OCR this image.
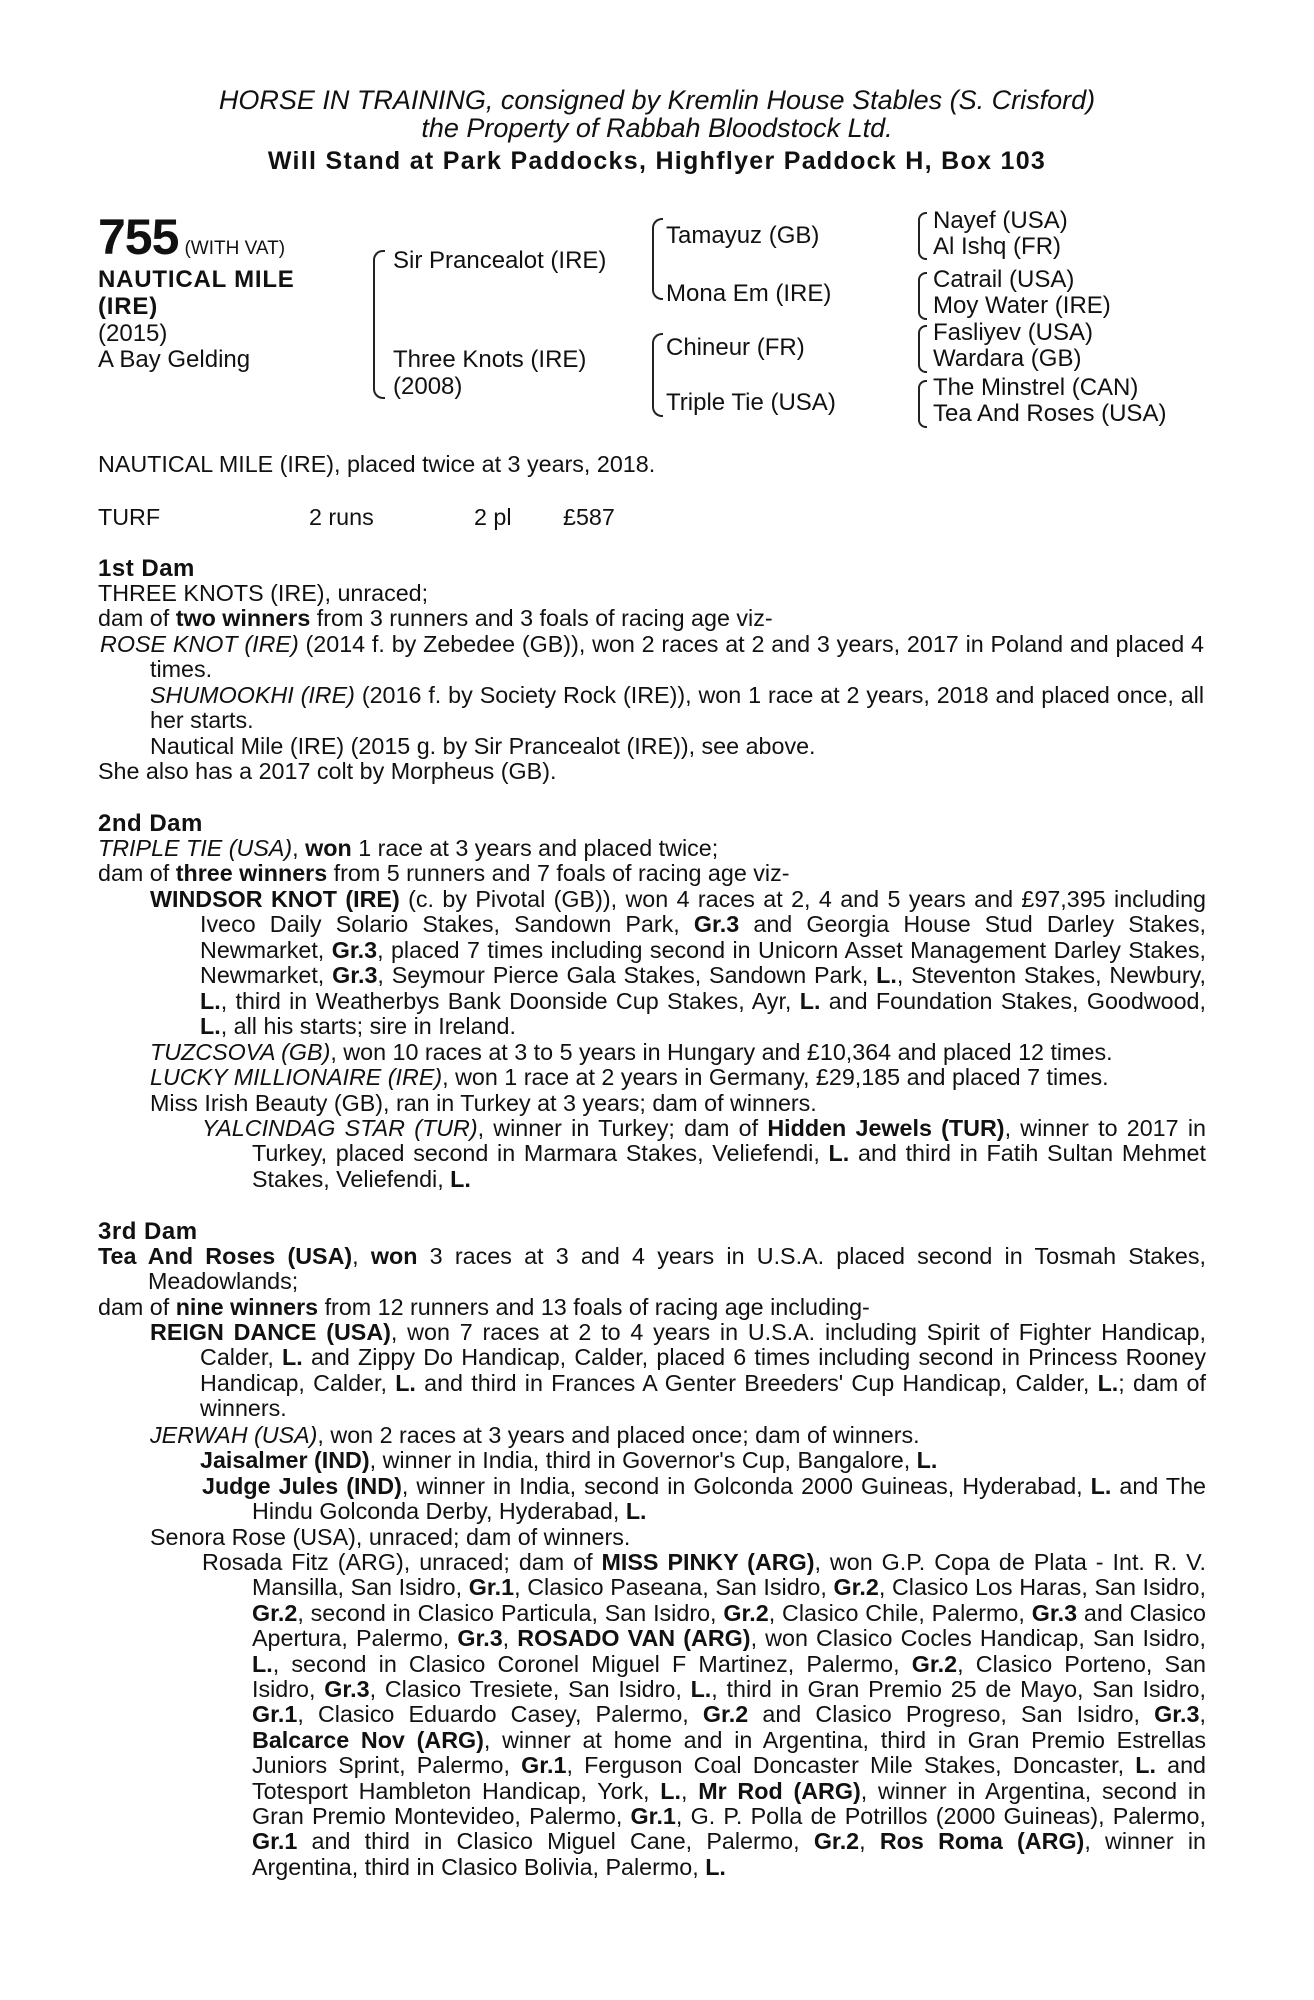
HORSE IN TRAINING, consigned by Kremlin House Stables (S. Crisford)
the Property of Rabbah Bloodstock Ltd.
Will Stand at Park Paddocks, Highflyer Paddock H, Box 103
755 (WITH VAT)
NAUTICAL MILE
(IRE)
(2015)
A Bay Gelding
Sir Prancealot (IRE)
Three Knots (IRE)
(2008)
Tamayuz (GB)
Mona Em (IRE)
Chineur (FR)
Triple Tie (USA)
Nayef (USA)
Al Ishq (FR)
Catrail (USA)
Moy Water (IRE)
Fasliyev (USA)
Wardara (GB)
The Minstrel (CAN)
Tea And Roses (USA)
NAUTICAL MILE (IRE), placed twice at 3 years, 2018.
TURF	2 runs	2 pl £587
1st Dam
THREE KNOTS (IRE), unraced;
dam of two winners from 3 runners and 3 foals of racing age viz-
ROSE KNOT (IRE) (2014 f. by Zebedee (GB)), won 2 races at 2 and 3 years, 2017 in Poland and placed 4 times.
SHUMOOKHI (IRE) (2016 f. by Society Rock (IRE)), won 1 race at 2 years, 2018 and placed once, all her starts.
Nautical Mile (IRE) (2015 g. by Sir Prancealot (IRE)), see above.
She also has a 2017 colt by Morpheus (GB).
2nd Dam
TRIPLE TIE (USA), won 1 race at 3 years and placed twice;
dam of three winners from 5 runners and 7 foals of racing age viz-
WINDSOR KNOT (IRE) (c. by Pivotal (GB)), won 4 races at 2, 4 and 5 years and £97,395 including Iveco Daily Solario Stakes, Sandown Park, Gr.3 and Georgia House Stud Darley Stakes, Newmarket, Gr.3, placed 7 times including second in Unicorn Asset Management Darley Stakes, Newmarket, Gr.3, Seymour Pierce Gala Stakes, Sandown Park, L., Steventon Stakes, Newbury, L., third in Weatherbys Bank Doonside Cup Stakes, Ayr, L. and Foundation Stakes, Goodwood, L., all his starts; sire in Ireland.
TUZCSOVA (GB), won 10 races at 3 to 5 years in Hungary and £10,364 and placed 12 times.
LUCKY MILLIONAIRE (IRE), won 1 race at 2 years in Germany, £29,185 and placed 7 times.
Miss Irish Beauty (GB), ran in Turkey at 3 years; dam of winners.
YALCINDAG STAR (TUR), winner in Turkey; dam of Hidden Jewels (TUR), winner to 2017 in Turkey, placed second in Marmara Stakes, Veliefendi, L. and third in Fatih Sultan Mehmet Stakes, Veliefendi, L.
3rd Dam
Tea And Roses (USA), won 3 races at 3 and 4 years in U.S.A. placed second in Tosmah Stakes, Meadowlands;
dam of nine winners from 12 runners and 13 foals of racing age including-
REIGN DANCE (USA), won 7 races at 2 to 4 years in U.S.A. including Spirit of Fighter Handicap, Calder, L. and Zippy Do Handicap, Calder, placed 6 times including second in Princess Rooney Handicap, Calder, L. and third in Frances A Genter Breeders' Cup Handicap, Calder, L.; dam of winners.
JERWAH (USA), won 2 races at 3 years and placed once; dam of winners.
Jaisalmer (IND), winner in India, third in Governor's Cup, Bangalore, L.
Judge Jules (IND), winner in India, second in Golconda 2000 Guineas, Hyderabad, L. and The Hindu Golconda Derby, Hyderabad, L.
Senora Rose (USA), unraced; dam of winners.
Rosada Fitz (ARG), unraced; dam of MISS PINKY (ARG), won G.P. Copa de Plata - Int. R. V. Mansilla, San Isidro, Gr.1, Clasico Paseana, San Isidro, Gr.2, Clasico Los Haras, San Isidro, Gr.2, second in Clasico Particula, San Isidro, Gr.2, Clasico Chile, Palermo, Gr.3 and Clasico Apertura, Palermo, Gr.3, ROSADO VAN (ARG), won Clasico Cocles Handicap, San Isidro, L., second in Clasico Coronel Miguel F Martinez, Palermo, Gr.2, Clasico Porteno, San Isidro, Gr.3, Clasico Tresiete, San Isidro, L., third in Gran Premio 25 de Mayo, San Isidro, Gr.1, Clasico Eduardo Casey, Palermo, Gr.2 and Clasico Progreso, San Isidro, Gr.3, Balcarce Nov (ARG), winner at home and in Argentina, third in Gran Premio Estrellas Juniors Sprint, Palermo, Gr.1, Ferguson Coal Doncaster Mile Stakes, Doncaster, L. and Totesport Hambleton Handicap, York, L., Mr Rod (ARG), winner in Argentina, second in Gran Premio Montevideo, Palermo, Gr.1, G. P. Polla de Potrillos (2000 Guineas), Palermo, Gr.1 and third in Clasico Miguel Cane, Palermo, Gr.2, Ros Roma (ARG), winner in Argentina, third in Clasico Bolivia, Palermo, L.
